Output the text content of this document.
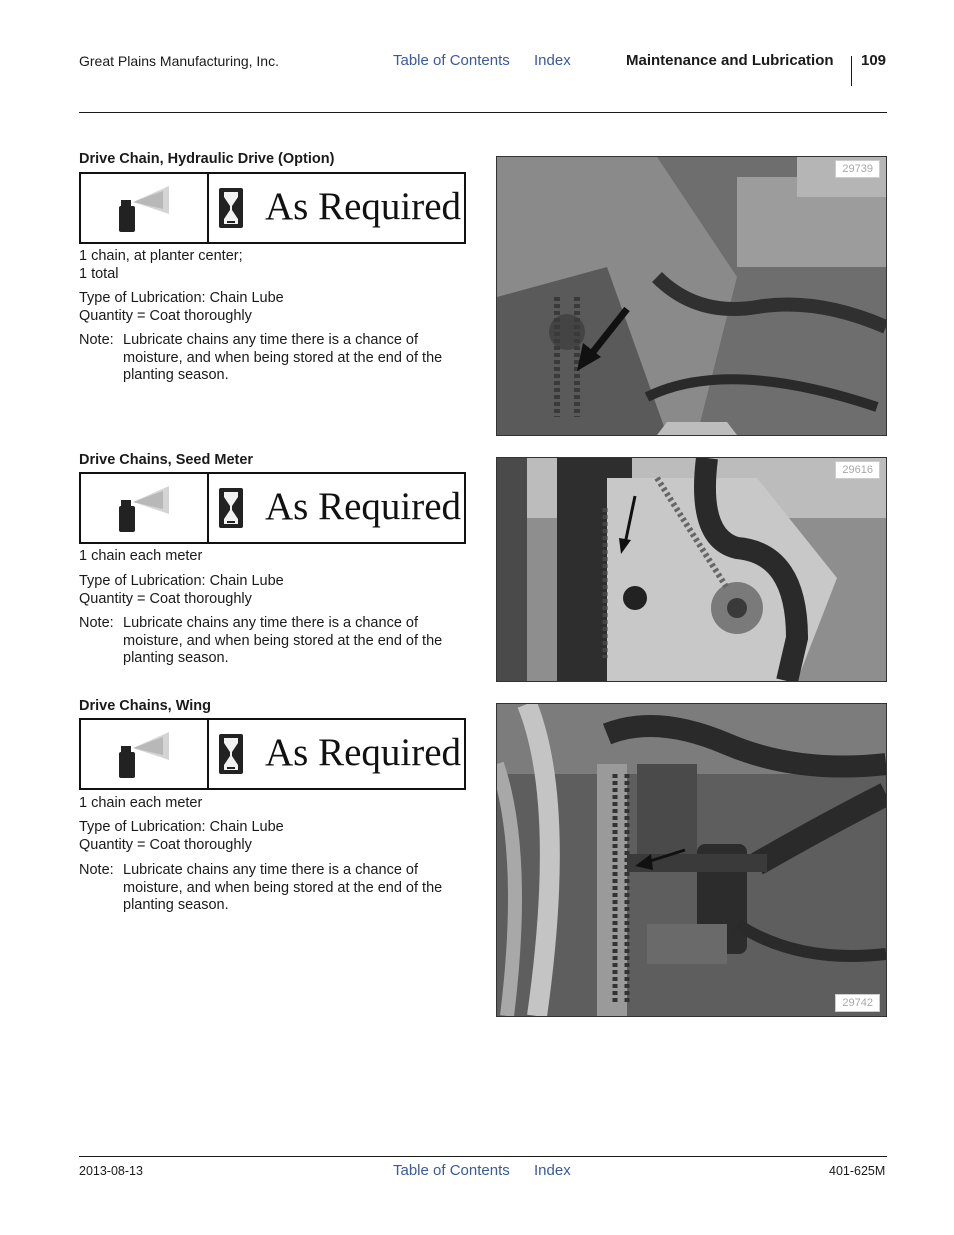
Great Plains Manufacturing, Inc.	Table of Contents Index	Maintenance and Lubrication 109
Drive Chain, Hydraulic Drive (Option)
As Required
1 chain, at planter center;
1 total
Type of Lubrication: Chain Lube
Quantity = Coat thoroughly
Note: Lubricate chains any time there is a chance of moisture, and when being stored at the end of the planting season.
29739
Drive Chains, Seed Meter
As Required
1 chain each meter
Type of Lubrication: Chain Lube
Quantity = Coat thoroughly
Note: Lubricate chains any time there is a chance of moisture, and when being stored at the end of the planting season.
29616
Drive Chains, Wing
As Required
1 chain each meter
Type of Lubrication: Chain Lube
Quantity = Coat thoroughly
Note: Lubricate chains any time there is a chance of moisture, and when being stored at the end of the planting season.
29742
2013-08-13	Table of Contents Index	401-625M
